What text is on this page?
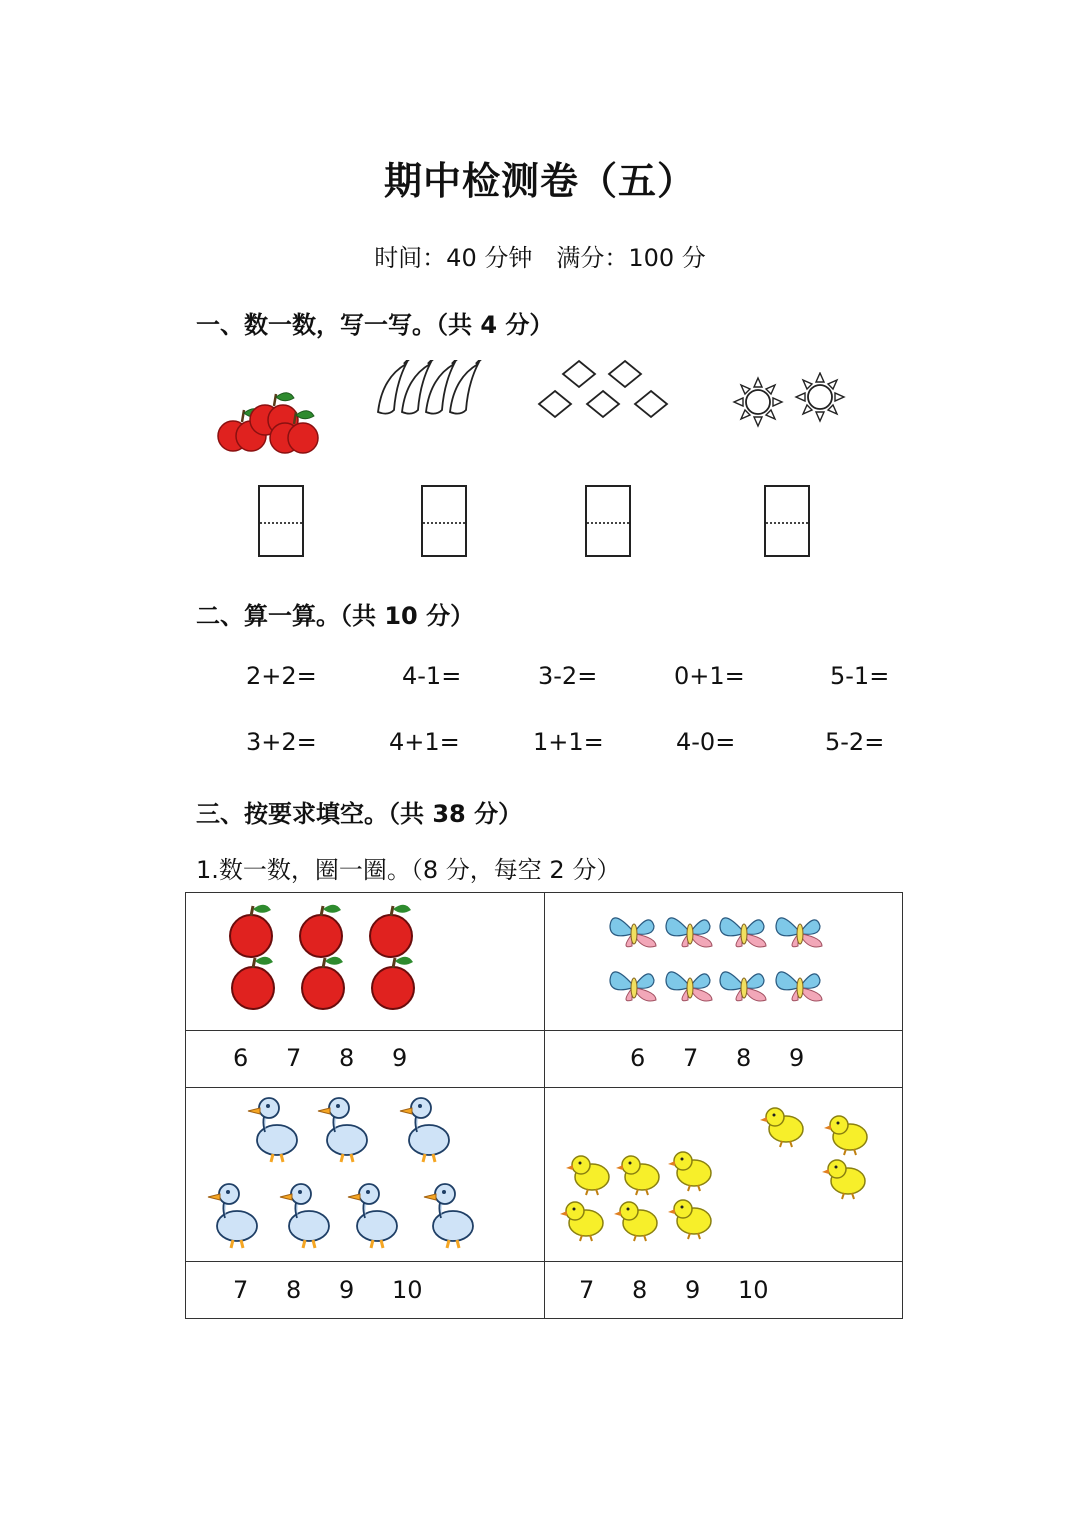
期中检测卷（五）
时间：40 分钟　满分：100 分
一、数一数，写一写。（共 4 分）
二、算一算。（共 10 分）
2+2=	4-1=	3-2=	0+1=	5-1=
3+2=	4+1=	1+1=	4-0=	5-2=
三、按要求填空。（共 38 分）
1.数一数，圈一圈。（8 分，每空 2 分）
6 7 8 9	6 7 8 9
7 8 9 10	7 8 9 10
